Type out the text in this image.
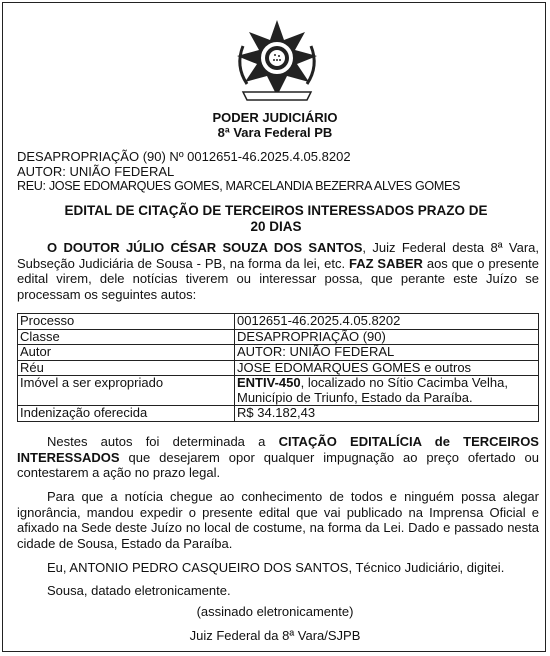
PODER JUDICIÁRIO
8ª Vara Federal PB
DESAPROPRIAÇÃO (90) Nº 0012651-46.2025.4.05.8202
AUTOR: UNIÃO FEDERAL
REU: JOSE EDOMARQUES GOMES, MARCELANDIA BEZERRA ALVES GOMES
EDITAL DE CITAÇÃO DE TERCEIROS INTERESSADOS PRAZO DE
20 DIAS
O DOUTOR JÚLIO CÉSAR SOUZA DOS SANTOS, Juiz Federal desta 8ª Vara, Subseção Judiciária de Sousa - PB, na forma da lei, etc. FAZ SABER aos que o presente edital virem, dele notícias tiverem ou interessar possa, que perante este Juízo se processam os seguintes autos:
Processo	0012651-46.2025.4.05.8202
Classe	DESAPROPRIAÇÃO (90)
Autor	AUTOR: UNIÃO FEDERAL
Réu	JOSE EDOMARQUES GOMES e outros
Imóvel a ser expropriado	ENTIV-450, localizado no Sítio Cacimba Velha, Município de Triunfo, Estado da Paraíba.
Indenização oferecida	R$ 34.182,43
Nestes autos foi determinada a CITAÇÃO EDITALÍCIA de TERCEIROS INTERESSADOS que desejarem opor qualquer impugnação ao preço ofertado ou contestarem a ação no prazo legal.
Para que a notícia chegue ao conhecimento de todos e ninguém possa alegar ignorância, mandou expedir o presente edital que vai publicado na Imprensa Oficial e afixado na Sede deste Juízo no local de costume, na forma da Lei. Dado e passado nesta cidade de Sousa, Estado da Paraíba.
Eu, ANTONIO PEDRO CASQUEIRO DOS SANTOS, Técnico Judiciário, digitei.
Sousa, datado eletronicamente.
(assinado eletronicamente)
Juiz Federal da 8ª Vara/SJPB
